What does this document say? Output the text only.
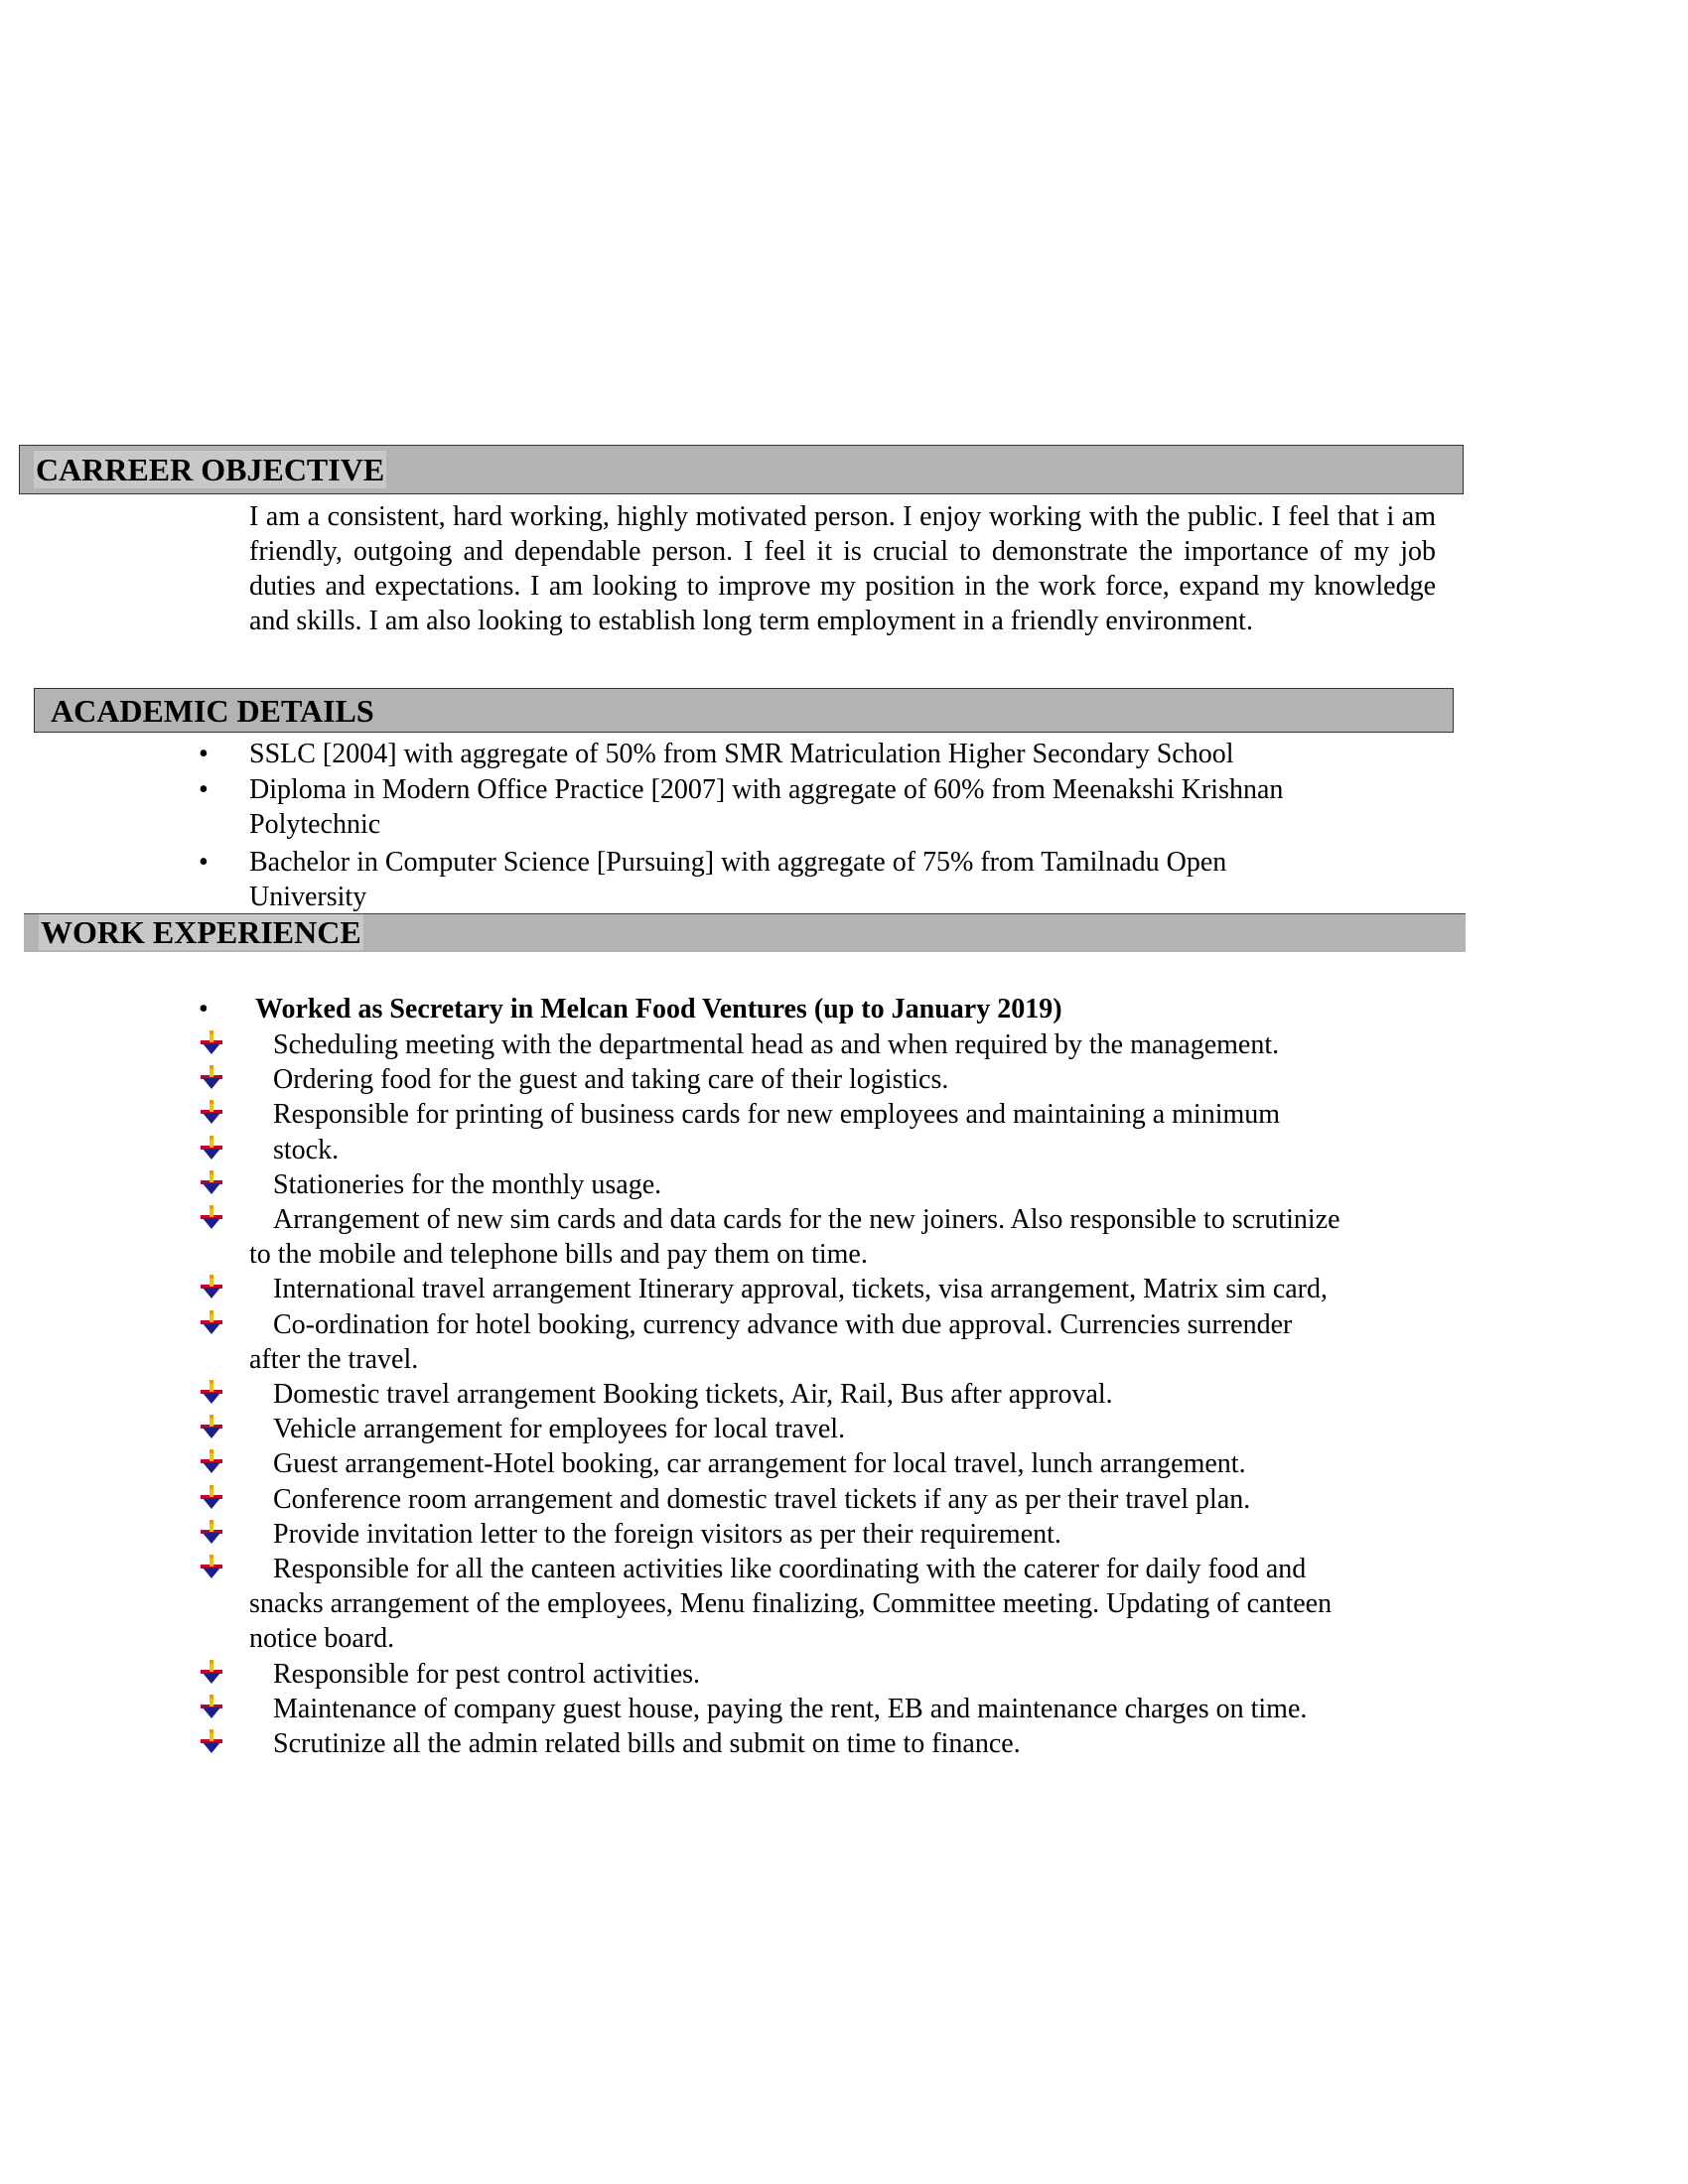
CARREER OBJECTIVE

I am a consistent, hard working, highly motivated person. I enjoy working with the public. I feel that i am friendly, outgoing and dependable person. I feel it is crucial to demonstrate the importance of my job duties and expectations. I am looking to improve my position in the work force, expand my knowledge and skills. I am also looking to establish long term employment in a friendly environment.

ACADEMIC DETAILS
• SSLC [2004] with aggregate of 50% from SMR Matriculation Higher Secondary School
• Diploma in Modern Office Practice [2007] with aggregate of 60% from Meenakshi Krishnan
Polytechnic
• Bachelor in Computer Science [Pursuing] with aggregate of 75% from Tamilnadu Open
University
WORK EXPERIENCE
• Worked as Secretary in Melcan Food Ventures (up to January 2019)
Scheduling meeting with the departmental head as and when required by the management.
Ordering food for the guest and taking care of their logistics.
Responsible for printing of business cards for new employees and maintaining a minimum
stock.
Stationeries for the monthly usage.
Arrangement of new sim cards and data cards for the new joiners. Also responsible to scrutinize
to the mobile and telephone bills and pay them on time.
International travel arrangement Itinerary approval, tickets, visa arrangement, Matrix sim card,
Co-ordination for hotel booking, currency advance with due approval. Currencies surrender
after the travel.
Domestic travel arrangement Booking tickets, Air, Rail, Bus after approval.
Vehicle arrangement for employees for local travel.
Guest arrangement-Hotel booking, car arrangement for local travel, lunch arrangement.
Conference room arrangement and domestic travel tickets if any as per their travel plan.
Provide invitation letter to the foreign visitors as per their requirement.
Responsible for all the canteen activities like coordinating with the caterer for daily food and
snacks arrangement of the employees, Menu finalizing, Committee meeting. Updating of canteen
notice board.
Responsible for pest control activities.
Maintenance of company guest house, paying the rent, EB and maintenance charges on time.
Scrutinize all the admin related bills and submit on time to finance.
